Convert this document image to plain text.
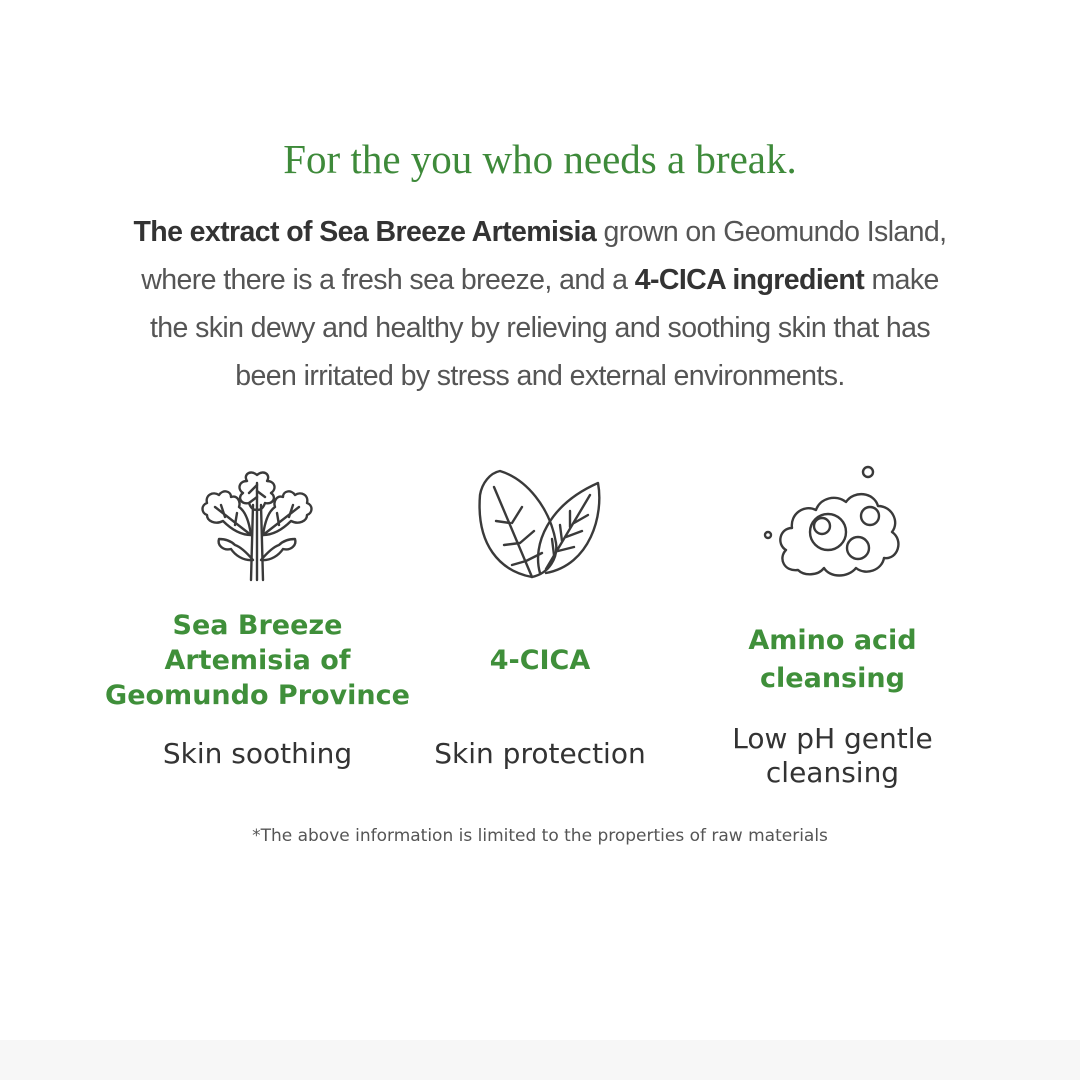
For the you who needs a break.
The extract of Sea Breeze Artemisia grown on Geomundo Island,
where there is a fresh sea breeze, and a 4-CICA ingredient make
the skin dewy and healthy by relieving and soothing skin that has
been irritated by stress and external environments.
Sea Breeze
Artemisia of
Geomundo Province
4-CICA
Amino acid
cleansing
Skin soothing	Skin protection	Low pH gentle
cleansing
*The above information is limited to the properties of raw materials
